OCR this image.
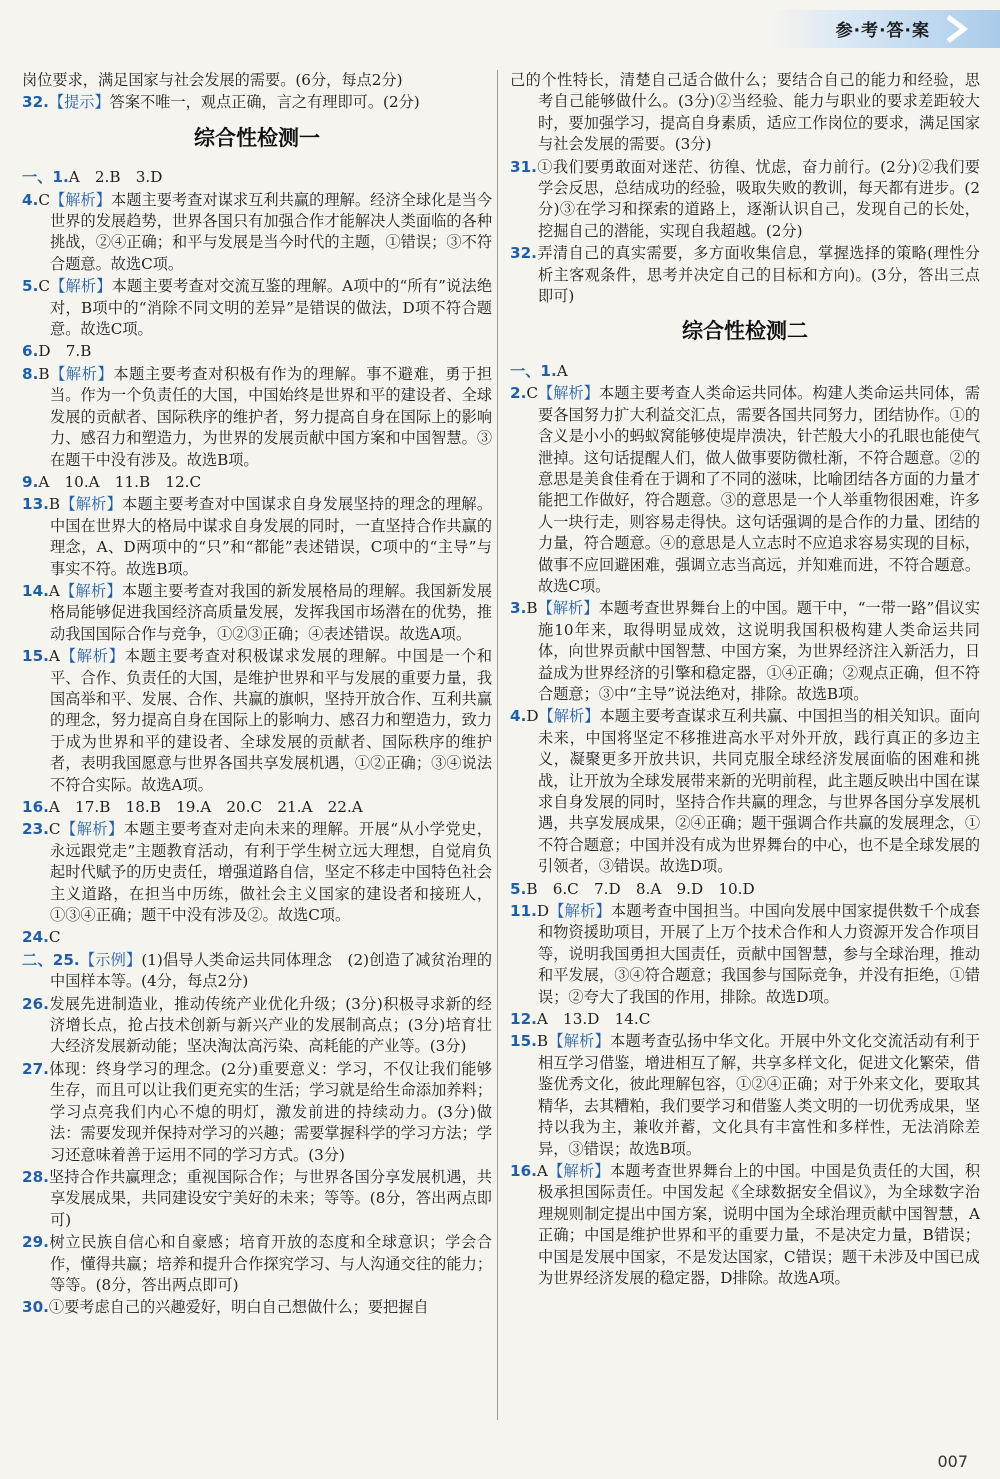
参·考·答·案

岗位要求，满足国家与社会发展的需要。(6分，每点2分)

32.【提示】答案不唯一，观点正确，言之有理即可。(2分)

综合性检测一

一、1.A　2.B　3.D

4.C【解析】本题主要考查对谋求互利共赢的理解。经济全球化是当今世界的发展趋势，世界各国只有加强合作才能解决人类面临的各种挑战，②④正确；和平与发展是当今时代的主题，①错误；③不符合题意。故选C项。

5.C【解析】本题主要考查对交流互鉴的理解。A项中的“所有”说法绝对，B项中的“消除不同文明的差异”是错误的做法，D项不符合题意。故选C项。

6.D　7.B

8.B【解析】本题主要考查对积极有作为的理解。事不避难，勇于担当。作为一个负责任的大国，中国始终是世界和平的建设者、全球发展的贡献者、国际秩序的维护者，努力提高自身在国际上的影响力、感召力和塑造力，为世界的发展贡献中国方案和中国智慧。③在题干中没有涉及。故选B项。

9.A　10.A　11.B　12.C

13.B【解析】本题主要考查对中国谋求自身发展坚持的理念的理解。中国在世界大的格局中谋求自身发展的同时，一直坚持合作共赢的理念，A、D两项中的“只”和“都能”表述错误，C项中的“主导”与事实不符。故选B项。

14.A【解析】本题主要考查对我国的新发展格局的理解。我国新发展格局能够促进我国经济高质量发展，发挥我国市场潜在的优势，推动我国国际合作与竞争，①②③正确；④表述错误。故选A项。

15.A【解析】本题主要考查对积极谋求发展的理解。中国是一个和平、合作、负责任的大国，是维护世界和平与发展的重要力量，我国高举和平、发展、合作、共赢的旗帜，坚持开放合作、互利共赢的理念，努力提高自身在国际上的影响力、感召力和塑造力，致力于成为世界和平的建设者、全球发展的贡献者、国际秩序的维护者，表明我国愿意与世界各国共享发展机遇，①②正确；③④说法不符合实际。故选A项。

16.A　17.B　18.B　19.A　20.C　21.A　22.A

23.C【解析】本题主要考查对走向未来的理解。开展“从小学党史，永远跟党走”主题教育活动，有利于学生树立远大理想，自觉肩负起时代赋予的历史责任，增强道路自信，坚定不移走中国特色社会主义道路，在担当中历练，做社会主义国家的建设者和接班人，①③④正确；题干中没有涉及②。故选C项。

24.C

二、25.【示例】(1)倡导人类命运共同体理念　(2)创造了减贫治理的中国样本等。(4分，每点2分)

26.发展先进制造业，推动传统产业优化升级；(3分)积极寻求新的经济增长点，抢占技术创新与新兴产业的发展制高点；(3分)培育壮大经济发展新动能；坚决淘汰高污染、高耗能的产业等。(3分)

27.体现：终身学习的理念。(2分)重要意义：学习，不仅让我们能够生存，而且可以让我们更充实的生活；学习就是给生命添加养料；学习点亮我们内心不熄的明灯，激发前进的持续动力。(3分)做法：需要发现并保持对学习的兴趣；需要掌握科学的学习方法；学习还意味着善于运用不同的学习方式。(3分)

28.坚持合作共赢理念；重视国际合作；与世界各国分享发展机遇，共享发展成果，共同建设安宁美好的未来；等等。(8分，答出两点即可)

29.树立民族自信心和自豪感；培育开放的态度和全球意识；学会合作，懂得共赢；培养和提升合作探究学习、与人沟通交往的能力；等等。(8分，答出两点即可)

30.①要考虑自己的兴趣爱好，明白自己想做什么；要把握自

己的个性特长，清楚自己适合做什么；要结合自己的能力和经验，思考自己能够做什么。(3分)②当经验、能力与职业的要求差距较大时，要加强学习，提高自身素质，适应工作岗位的要求，满足国家与社会发展的需要。(3分)

31.①我们要勇敢面对迷茫、彷徨、忧虑，奋力前行。(2分)②我们要学会反思，总结成功的经验，吸取失败的教训，每天都有进步。(2分)③在学习和探索的道路上，逐渐认识自己，发现自己的长处，挖掘自己的潜能，实现自我超越。(2分)

32.弄清自己的真实需要，多方面收集信息，掌握选择的策略(理性分析主客观条件，思考并决定自己的目标和方向)。(3分，答出三点即可)

综合性检测二

一、1.A

2.C【解析】本题主要考查人类命运共同体。构建人类命运共同体，需要各国努力扩大利益交汇点，需要各国共同努力，团结协作。①的含义是小小的蚂蚁窝能够使堤岸溃决，针芒般大小的孔眼也能使气泄掉。这句话提醒人们，做人做事要防微杜渐，不符合题意。②的意思是美食佳肴在于调和了不同的滋味，比喻团结各方面的力量才能把工作做好，符合题意。③的意思是一个人举重物很困难，许多人一块行走，则容易走得快。这句话强调的是合作的力量、团结的力量，符合题意。④的意思是人立志时不应追求容易实现的目标，做事不应回避困难，强调立志当高远，并知难而进，不符合题意。故选C项。

3.B【解析】本题考查世界舞台上的中国。题干中，“一带一路”倡议实施10年来，取得明显成效，这说明我国积极构建人类命运共同体，向世界贡献中国智慧、中国方案，为世界经济注入新活力，日益成为世界经济的引擎和稳定器，①④正确；②观点正确，但不符合题意；③中“主导”说法绝对，排除。故选B项。

4.D【解析】本题主要考查谋求互利共赢、中国担当的相关知识。面向未来，中国将坚定不移推进高水平对外开放，践行真正的多边主义，凝聚更多开放共识，共同克服全球经济发展面临的困难和挑战，让开放为全球发展带来新的光明前程，此主题反映出中国在谋求自身发展的同时，坚持合作共赢的理念，与世界各国分享发展机遇，共享发展成果，②④正确；题干强调合作共赢的发展理念，①不符合题意；中国并没有成为世界舞台的中心，也不是全球发展的引领者，③错误。故选D项。

5.B　6.C　7.D　8.A　9.D　10.D

11.D【解析】本题考查中国担当。中国向发展中国家提供数千个成套和物资援助项目，开展了上万个技术合作和人力资源开发合作项目等，说明我国勇担大国责任，贡献中国智慧，参与全球治理，推动和平发展，③④符合题意；我国参与国际竞争，并没有拒绝，①错误；②夸大了我国的作用，排除。故选D项。

12.A　13.D　14.C

15.B【解析】本题考查弘扬中华文化。开展中外文化交流活动有利于相互学习借鉴，增进相互了解，共享多样文化，促进文化繁荣，借鉴优秀文化，彼此理解包容，①②④正确；对于外来文化，要取其精华，去其糟粕，我们要学习和借鉴人类文明的一切优秀成果，坚持以我为主，兼收并蓄，文化具有丰富性和多样性，无法消除差异，③错误；故选B项。

16.A【解析】本题考查世界舞台上的中国。中国是负责任的大国，积极承担国际责任。中国发起《全球数据安全倡议》，为全球数字治理规则制定提出中国方案，说明中国为全球治理贡献中国智慧，A正确；中国是维护世界和平的重要力量，不是决定力量，B错误；中国是发展中国家，不是发达国家，C错误；题干未涉及中国已成为世界经济发展的稳定器，D排除。故选A项。

007
